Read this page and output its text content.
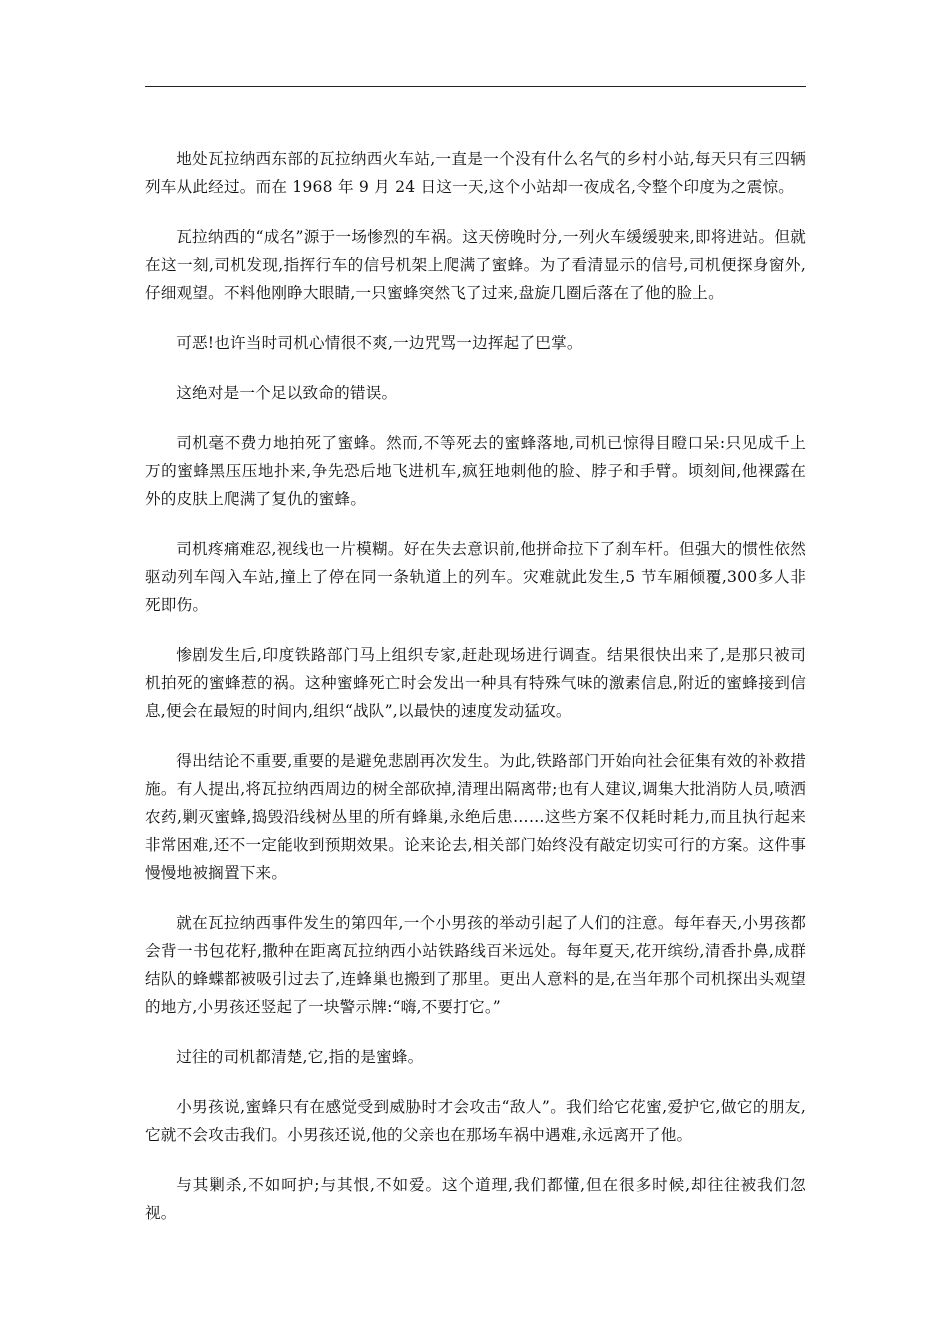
地处瓦拉纳西东部的瓦拉纳西火车站,一直是一个没有什么名气的乡村小站,每天只有三四辆列车从此经过。而在 1968 年 9 月 24 日这一天,这个小站却一夜成名,令整个印度为之震惊。

瓦拉纳西的“成名”源于一场惨烈的车祸。这天傍晚时分,一列火车缓缓驶来,即将进站。但就在这一刻,司机发现,指挥行车的信号机架上爬满了蜜蜂。为了看清显示的信号,司机便探身窗外,仔细观望。不料他刚睁大眼睛,一只蜜蜂突然飞了过来,盘旋几圈后落在了他的脸上。

可恶!也许当时司机心情很不爽,一边咒骂一边挥起了巴掌。

这绝对是一个足以致命的错误。

司机毫不费力地拍死了蜜蜂。然而,不等死去的蜜蜂落地,司机已惊得目瞪口呆:只见成千上万的蜜蜂黑压压地扑来,争先恐后地飞进机车,疯狂地刺他的脸、脖子和手臂。顷刻间,他裸露在外的皮肤上爬满了复仇的蜜蜂。

司机疼痛难忍,视线也一片模糊。好在失去意识前,他拼命拉下了刹车杆。但强大的惯性依然驱动列车闯入车站,撞上了停在同一条轨道上的列车。灾难就此发生,5 节车厢倾覆,300多人非死即伤。

惨剧发生后,印度铁路部门马上组织专家,赶赴现场进行调查。结果很快出来了,是那只被司机拍死的蜜蜂惹的祸。这种蜜蜂死亡时会发出一种具有特殊气味的激素信息,附近的蜜蜂接到信息,便会在最短的时间内,组织“战队”,以最快的速度发动猛攻。

得出结论不重要,重要的是避免悲剧再次发生。为此,铁路部门开始向社会征集有效的补救措施。有人提出,将瓦拉纳西周边的树全部砍掉,清理出隔离带;也有人建议,调集大批消防人员,喷洒农药,剿灭蜜蜂,捣毁沿线树丛里的所有蜂巢,永绝后患……这些方案不仅耗时耗力,而且执行起来非常困难,还不一定能收到预期效果。论来论去,相关部门始终没有敲定切实可行的方案。这件事慢慢地被搁置下来。

就在瓦拉纳西事件发生的第四年,一个小男孩的举动引起了人们的注意。每年春天,小男孩都会背一书包花籽,撒种在距离瓦拉纳西小站铁路线百米远处。每年夏天,花开缤纷,清香扑鼻,成群结队的蜂蝶都被吸引过去了,连蜂巢也搬到了那里。更出人意料的是,在当年那个司机探出头观望的地方,小男孩还竖起了一块警示牌:“嗨,不要打它。”

过往的司机都清楚,它,指的是蜜蜂。

小男孩说,蜜蜂只有在感觉受到威胁时才会攻击“敌人”。我们给它花蜜,爱护它,做它的朋友,它就不会攻击我们。小男孩还说,他的父亲也在那场车祸中遇难,永远离开了他。

与其剿杀,不如呵护;与其恨,不如爱。这个道理,我们都懂,但在很多时候,却往往被我们忽视。
